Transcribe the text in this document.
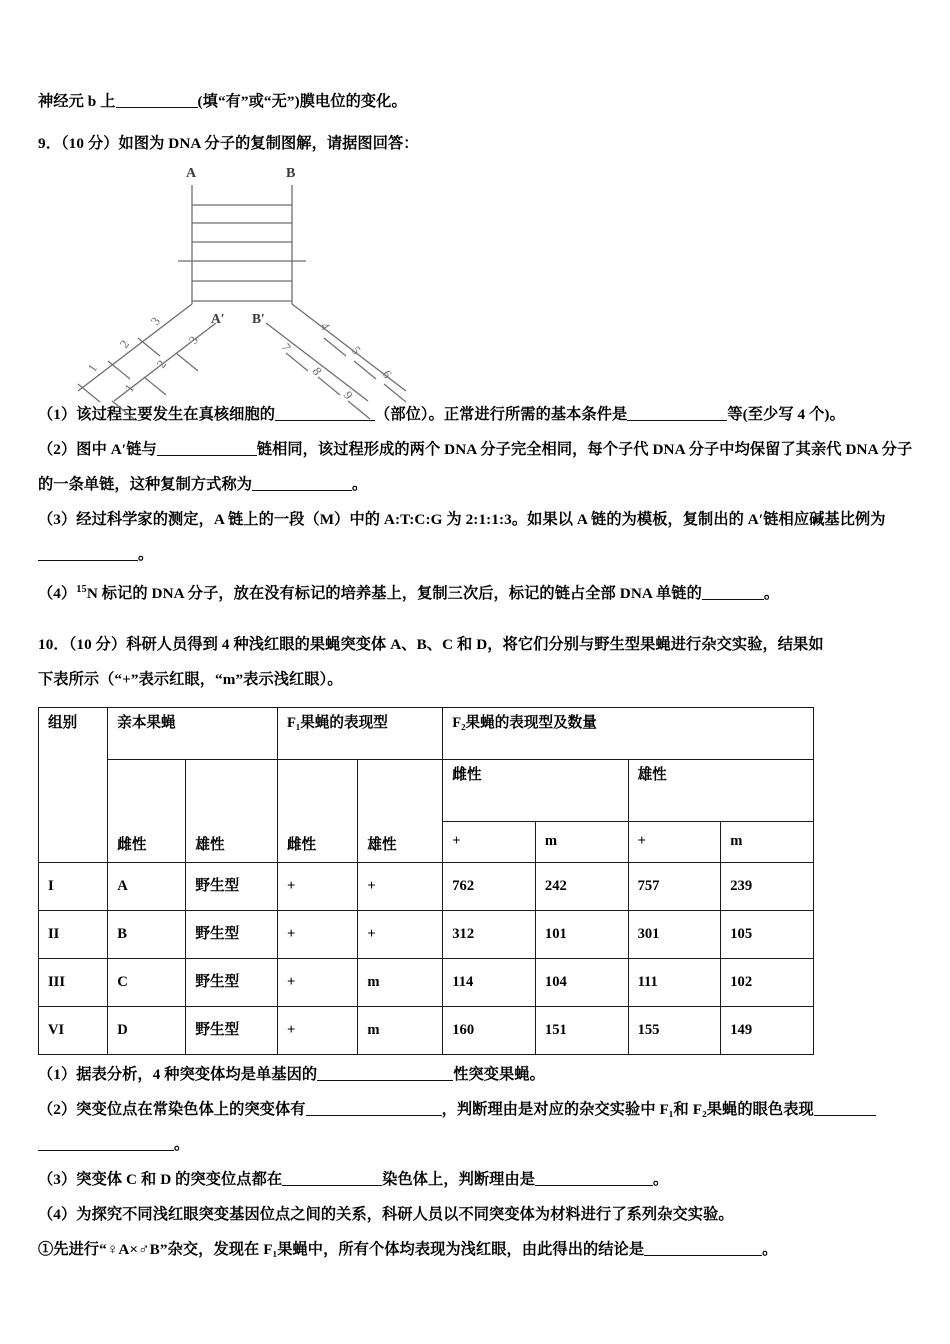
神经元 b 上	(填“有”或“无”)膜电位的变化。

9．（10 分）如图为 DNA 分子的复制图解，请据图回答：

A	B
A′ B′
3
2
1
3
2
1
7
8
9
4
5
6

（1）该过程主要发生在真核细胞的	（部位）。正常进行所需的基本条件是	等(至少写 4 个)。

（2）图中 A′链与	链相同，该过程形成的两个 DNA 分子完全相同，每个子代 DNA 分子中均保留了其亲代 DNA 分子的一条单链，这种复制方式称为	。

（3）经过科学家的测定，A 链上的一段（M）中的 A:T:C:G 为 2:1:1:3。如果以 A 链的为模板，复制出的 A′链相应碱基比例为。

$(4)^{15}N$ 标记的 DNA 分子，放在没有标记的培养基上，复制三次后，标记的链占全部 DNA 单链的	。

10．（10 分）科研人员得到 4 种浅红眼的果蝇突变体 A、B、C 和 D，将它们分别与野生型果蝇进行杂交实验，结果如

下表所示（“+”表示红眼，“m”表示浅红眼）。

组别	亲本果蝇		F₁果蝇的表现型		F₂果蝇的表现型及数量			
	雌性	雄性	雌性	雄性	雌性		雄性	
					+	m	+	m
I	A	野生型	+	+	762	242	757	239
II	B	野生型	+	+	312	101	301	105
III	C	野生型	+	m	114	104	111	102
VI	D	野生型	+	m	160	151	155	149

（1）据表分析，4 种突变体均是单基因的	性突变果蝇。

（2）突变位点在常染色体上的突变体有	，判断理由是对应的杂交实验中 F₁和 F₂果蝇的眼色表现

。

（3）突变体 C 和 D 的突变位点都在	染色体上，判断理由是	。

（4）为探究不同浅红眼突变基因位点之间的关系，科研人员以不同突变体为材料进行了系列杂交实验。

①先进行“♀A×♂B”杂交，发现在 F₁果蝇中，所有个体均表现为浅红眼，由此得出的结论是	。
